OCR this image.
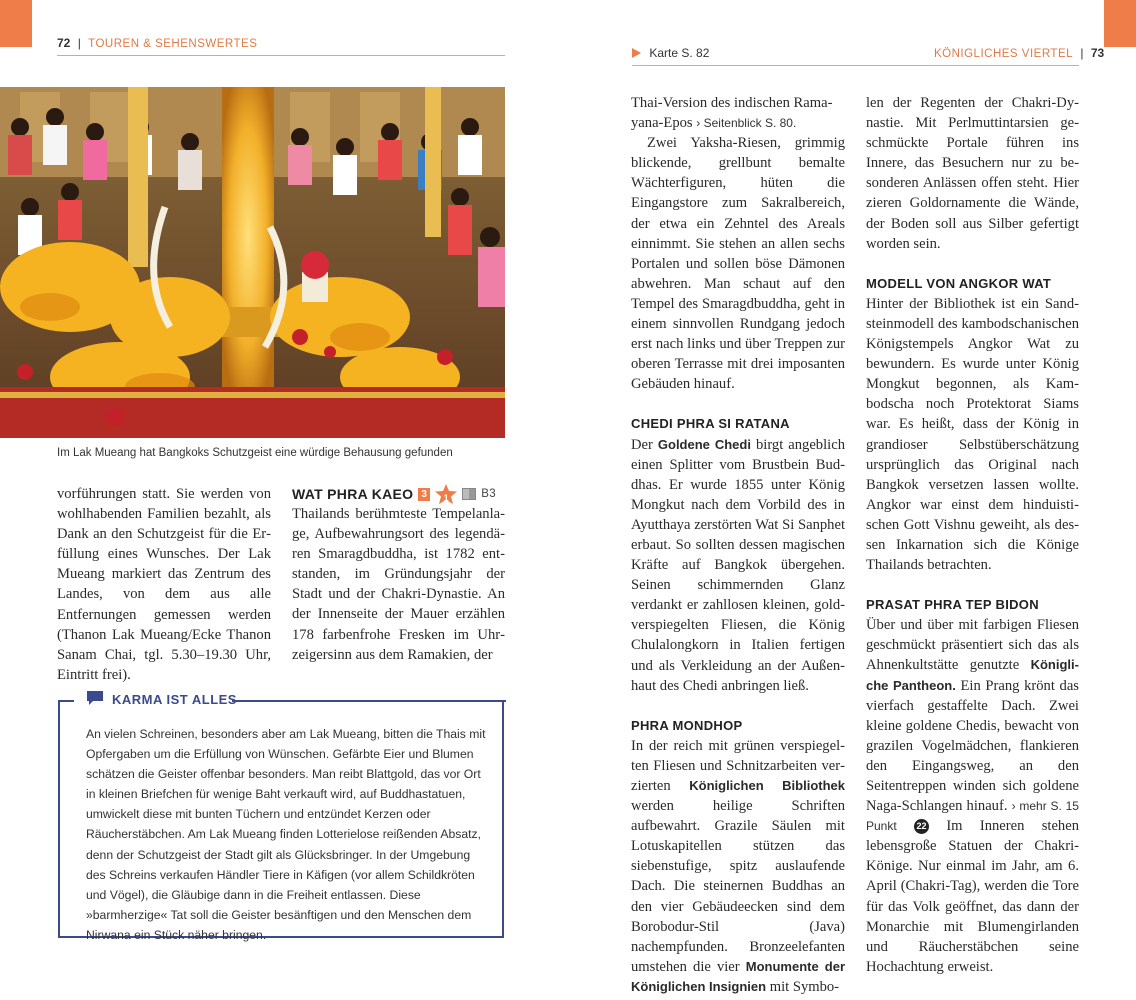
72 | TOUREN & SEHENSWERTES
Karte S. 82	KÖNIGLICHES VIERTEL | 73
Im Lak Mueang hat Bangkoks Schutzgeist eine würdige Behausung gefunden

vorführungen statt. Sie werden von wohlhabenden Familien bezahlt, als Dank an den Schutzgeist für die Erfüllung eines Wunsches. Der Lak Mueang markiert das Zentrum des Landes, von dem aus alle Entfernungen gemessen werden (Thanon Lak Mueang/Ecke Thanon Sanam Chai, tgl. 5.30–19.30 Uhr, Eintritt frei).

WAT PHRA KAEO 3	1	B3

Thailands berühmteste Tempelanlage, Aufbewahrungsort des legendären Smaragdbuddha, ist 1782 entstanden, im Gründungsjahr der Stadt und der Chakri-Dynastie. An der Innenseite der Mauer erzählen 178 farbenfrohe Fresken im Uhrzeigersinn aus dem Ramakien, der

KARMA IST ALLES
An vielen Schreinen, besonders aber am Lak Mueang, bitten die Thais mit Opfergaben um die Erfüllung von Wünschen. Gefärbte Eier und Blumen schätzen die Geister offenbar besonders. Man reibt Blattgold, das vor Ort in kleinen Briefchen für wenige Baht verkauft wird, auf Buddhastatuen, umwickelt diese mit bunten Tüchern und entzündet Kerzen oder Räucherstäbchen. Am Lak Mueang finden Lotterielose reißenden Absatz, denn der Schutzgeist der Stadt gilt als Glücksbringer. In der Umgebung des Schreins verkaufen Händler Tiere in Käfigen (vor allem Schildkröten und Vögel), die Gläubige dann in die Freiheit entlassen. Diese »barmherzige« Tat soll die Geister besänftigen und den Menschen dem Nirwana ein Stück näher bringen.

Thai-Version des indischen Ramayana-Epos › Seitenblick S. 80.

Zwei Yaksha-Riesen, grimmig blickende, grellbunt bemalte Wächterfiguren, hüten die Eingangstore zum Sakralbereich, der etwa ein Zehntel des Areals einnimmt. Sie stehen an allen sechs Portalen und sollen böse Dämonen abwehren. Man schaut auf den Tempel des Smaragdbuddha, geht in einem sinnvollen Rundgang jedoch erst nach links und über Treppen zur oberen Terrasse mit drei imposanten Gebäuden hinauf.

CHEDI PHRA SI RATANA

Der Goldene Chedi birgt angeblich einen Splitter vom Brustbein Buddhas. Er wurde 1855 unter König Mongkut nach dem Vorbild des in Ayutthaya zerstörten Wat Si Sanphet erbaut. So sollten dessen magischen Kräfte auf Bangkok übergehen. Seinen schimmernden Glanz verdankt er zahllosen kleinen, goldverspiegelten Fliesen, die König Chulalongkorn in Italien fertigen und als Verkleidung an der Außenhaut des Chedi anbringen ließ.

PHRA MONDHOP

In der reich mit grünen verspiegelten Fliesen und Schnitzarbeiten verzierten Königlichen Bibliothek werden heilige Schriften aufbewahrt. Grazile Säulen mit Lotuskapitellen stützen das siebenstufige, spitz auslaufende Dach. Die steinernen Buddhas an den vier Gebäudeecken sind dem Borobodur-Stil (Java) nachempfunden. Bronzeelefanten umstehen die vier Monumente der Königlichen Insignien mit Symbo-

len der Regenten der Chakri-Dynastie. Mit Perlmuttintarsien geschmückte Portale führen ins Innere, das Besuchern nur zu besonderen Anlässen offen steht. Hier zieren Goldornamente die Wände, der Boden soll aus Silber gefertigt worden sein.

MODELL VON ANGKOR WAT

Hinter der Bibliothek ist ein Sandsteinmodell des kambodschanischen Königstempels Angkor Wat zu bewundern. Es wurde unter König Mongkut begonnen, als Kambodscha noch Protektorat Siams war. Es heißt, dass der König in grandioser Selbstüberschätzung ursprünglich das Original nach Bangkok versetzen lassen wollte. Angkor war einst dem hinduistischen Gott Vishnu geweiht, als dessen Inkarnation sich die Könige Thailands betrachten.

PRASAT PHRA TEP BIDON

Über und über mit farbigen Fliesen geschmückt präsentiert sich das als Ahnenkultstätte genutzte Königliche Pantheon. Ein Prang krönt das vierfach gestaffelte Dach. Zwei kleine goldene Chedis, bewacht von grazilen Vogelmädchen, flankieren den Eingangsweg, an den Seitentreppen winden sich goldene Naga-Schlangen hinauf. › mehr S. 15 Punkt 22 Im Inneren stehen lebensgroße Statuen der Chakri-Könige. Nur einmal im Jahr, am 6. April (Chakri-Tag), werden die Tore für das Volk geöffnet, das dann der Monarchie mit Blumengirlanden und Räucherstäbchen seine Hochachtung erweist.
